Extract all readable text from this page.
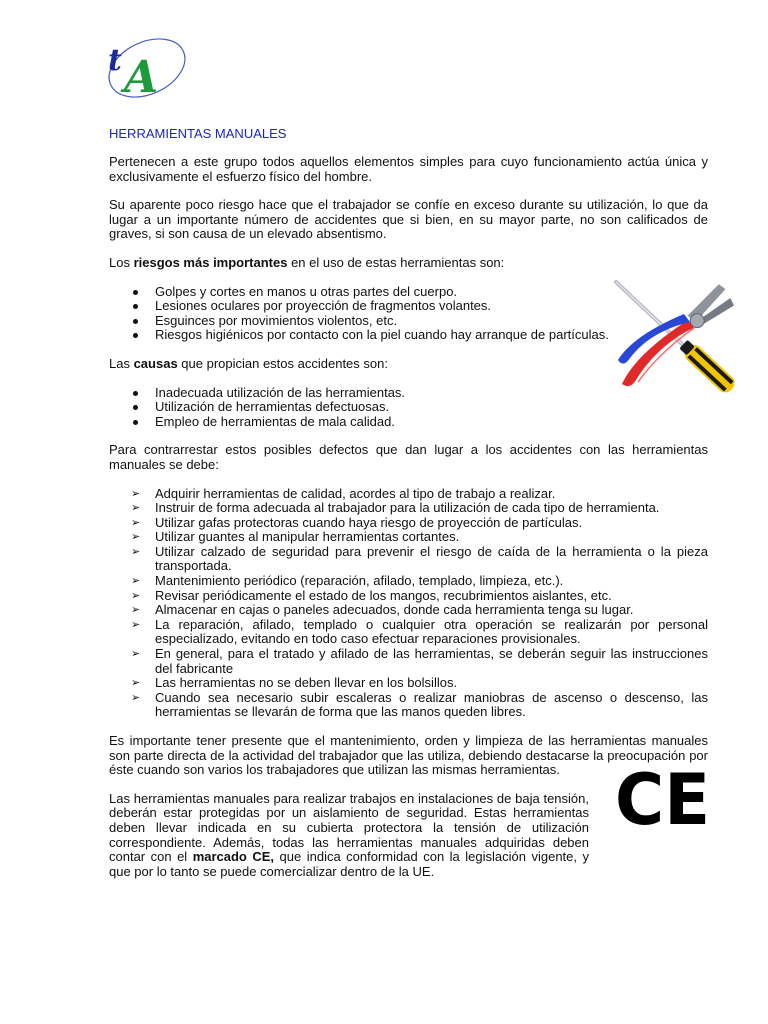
t A
HERRAMIENTAS MANUALES

Pertenecen a este grupo todos aquellos elementos simples para cuyo funcionamiento actúa única y exclusivamente el esfuerzo físico del hombre.

Su aparente poco riesgo hace que el trabajador se confíe en exceso durante su utilización, lo que da lugar a un importante número de accidentes que si bien, en su mayor parte, no son calificados de graves, si son causa de un elevado absentismo.

Los riesgos más importantes en el uso de estas herramientas son:

Golpes y cortes en manos u otras partes del cuerpo.
Lesiones oculares por proyección de fragmentos volantes.
Esguinces por movimientos violentos, etc.
Riesgos higiénicos por contacto con la piel cuando hay arranque de partículas.

Las causas que propician estos accidentes son:

Inadecuada utilización de las herramientas.
Utilización de herramientas defectuosas.
Empleo de herramientas de mala calidad.

Para contrarrestar estos posibles defectos que dan lugar a los accidentes con las herramientas manuales se debe:

➢ Adquirir herramientas de calidad, acordes al tipo de trabajo a realizar.
➢ Instruir de forma adecuada al trabajador para la utilización de cada tipo de herramienta.
➢ Utilizar gafas protectoras cuando haya riesgo de proyección de partículas.
➢ Utilizar guantes al manipular herramientas cortantes.
➢ Utilizar calzado de seguridad para prevenir el riesgo de caída de la herramienta o la pieza transportada.
➢ Mantenimiento periódico (reparación, afilado, templado, limpieza, etc.).
➢ Revisar periódicamente el estado de los mangos, recubrimientos aislantes, etc.
➢ Almacenar en cajas o paneles adecuados, donde cada herramienta tenga su lugar.
➢ La reparación, afilado, templado o cualquier otra operación se realizarán por personal especializado, evitando en todo caso efectuar reparaciones provisionales.
➢ En general, para el tratado y afilado de las herramientas, se deberán seguir las instrucciones del fabricante
➢ Las herramientas no se deben llevar en los bolsillos.
➢ Cuando sea necesario subir escaleras o realizar maniobras de ascenso o descenso, las herramientas se llevarán de forma que las manos queden libres.

Es importante tener presente que el mantenimiento, orden y limpieza de las herramientas manuales son parte directa de la actividad del trabajador que las utiliza, debiendo destacarse la preocupación por éste cuando son varios los trabajadores que utilizan las mismas herramientas.

Las herramientas manuales para realizar trabajos en instalaciones de baja tensión, deberán estar protegidas por un aislamiento de seguridad. Estas herramientas deben llevar indicada en su cubierta protectora la tensión de utilización correspondiente. Además, todas las herramientas manuales adquiridas deben contar con el marcado CE, que indica conformidad con la legislación vigente, y que por lo tanto se puede comercializar dentro de la UE.

CE
